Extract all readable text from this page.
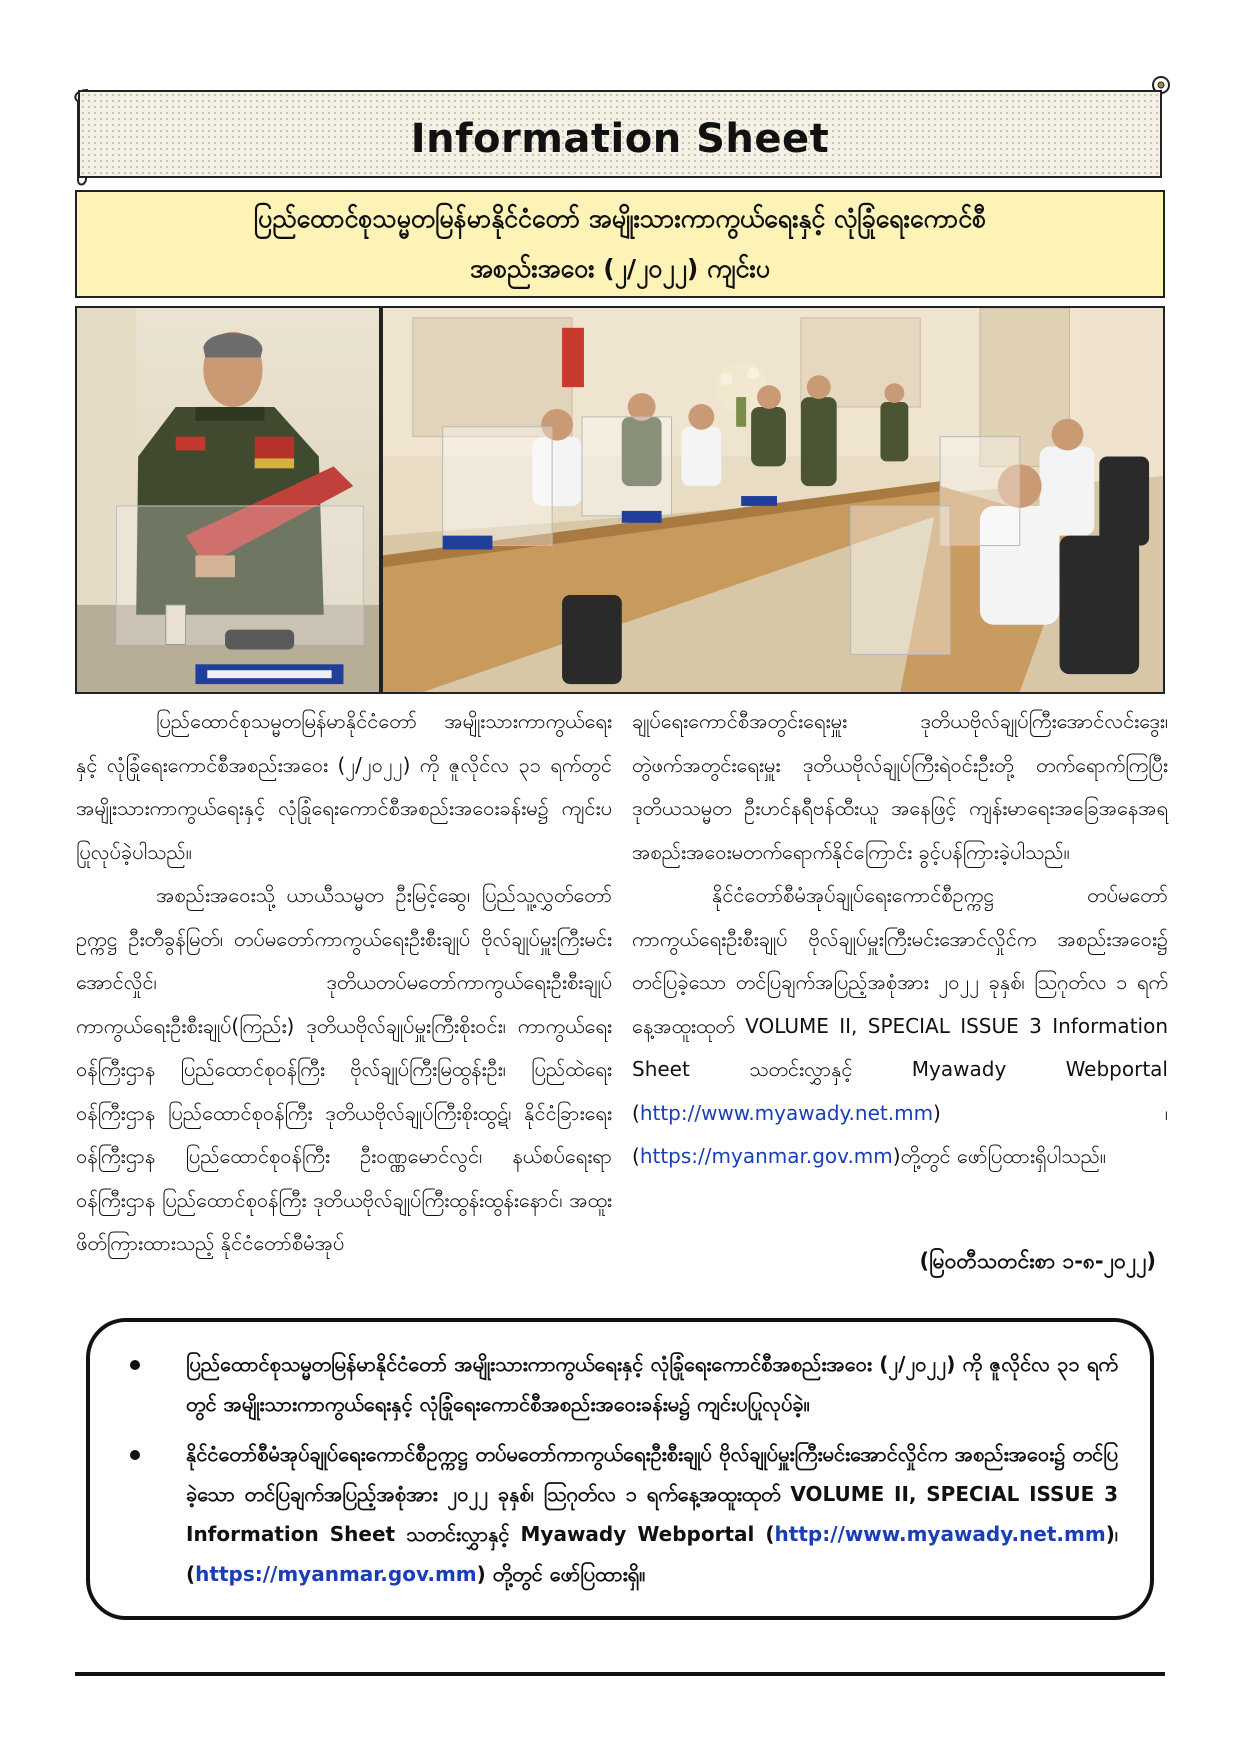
Information Sheet
ပြည်ထောင်စုသမ္မတမြန်မာနိုင်ငံတော် အမျိုးသားကာကွယ်ရေးနှင့် လုံခြုံရေးကောင်စီ
အစည်းအဝေး (၂/၂၀၂၂) ကျင်းပ

ပြည်ထောင်စုသမ္မတမြန်မာနိုင်ငံတော် အမျိုးသားကာကွယ်ရေးနှင့် လုံခြုံရေးကောင်စီအစည်းအဝေး (၂/၂၀၂၂) ကို ဇူလိုင်လ ၃၁ ရက်တွင် အမျိုးသားကာကွယ်ရေးနှင့် လုံခြုံရေးကောင်စီအစည်းအဝေးခန်းမ၌ ကျင်းပပြုလုပ်ခဲ့ပါသည်။

အစည်းအဝေးသို့ ယာယီသမ္မတ ဦးမြင့်ဆွေ၊ ပြည်သူ့လွှတ်တော်ဥက္ကဋ္ဌ ဦးတီခွန်မြတ်၊ တပ်မတော်ကာကွယ်ရေးဦးစီးချုပ် ဗိုလ်ချုပ်မှူးကြီးမင်းအောင်လှိုင်၊ ဒုတိယတပ်မတော်ကာကွယ်ရေးဦးစီးချုပ် ကာကွယ်ရေးဦးစီးချုပ်(ကြည်း) ဒုတိယဗိုလ်ချုပ်မှူးကြီးစိုးဝင်း၊ ကာကွယ်ရေးဝန်ကြီးဌာန ပြည်ထောင်စုဝန်ကြီး ဗိုလ်ချုပ်ကြီးမြထွန်းဦး၊ ပြည်ထဲရေးဝန်ကြီးဌာန ပြည်ထောင်စုဝန်ကြီး ဒုတိယဗိုလ်ချုပ်ကြီးစိုးထွဋ်၊ နိုင်ငံခြားရေးဝန်ကြီးဌာန ပြည်ထောင်စုဝန်ကြီး ဦးဝဏ္ဏမောင်လွင်၊ နယ်စပ်ရေးရာဝန်ကြီးဌာန ပြည်ထောင်စုဝန်ကြီး ဒုတိယဗိုလ်ချုပ်ကြီးထွန်းထွန်းနောင်၊ အထူးဖိတ်ကြားထားသည့် နိုင်ငံတော်စီမံအုပ်

ချုပ်ရေးကောင်စီအတွင်းရေးမှူး ဒုတိယဗိုလ်ချုပ်ကြီးအောင်လင်းဒွေး၊ တွဲဖက်အတွင်းရေးမှူး ဒုတိယဗိုလ်ချုပ်ကြီးရဲဝင်းဦးတို့ တက်ရောက်ကြပြီး ဒုတိယသမ္မတ ဦးဟင်နရီဗန်ထီးယူ အနေဖြင့် ကျန်းမာရေးအခြေအနေအရ အစည်းအဝေးမတက်ရောက်နိုင်ကြောင်း ခွင့်ပန်ကြားခဲ့ပါသည်။

နိုင်ငံတော်စီမံအုပ်ချုပ်ရေးကောင်စီဥက္ကဋ္ဌ တပ်မတော်ကာကွယ်ရေးဦးစီးချုပ် ဗိုလ်ချုပ်မှူးကြီးမင်းအောင်လှိုင်က အစည်းအဝေး၌ တင်ပြခဲ့သော တင်ပြချက်အပြည့်အစုံအား ၂၀၂၂ ခုနှစ်၊ ဩဂုတ်လ ၁ ရက်နေ့အထူးထုတ် VOLUME II, SPECIAL ISSUE 3 Information Sheet သတင်းလွှာနှင့် Myawady Webportal (http://www.myawady.net.mm) ၊ (https://myanmar.gov.mm)တို့တွင် ဖော်ပြထားရှိပါသည်။

(မြဝတီသတင်းစာ ၁-၈-၂၀၂၂)
ပြည်ထောင်စုသမ္မတမြန်မာနိုင်ငံတော် အမျိုးသားကာကွယ်ရေးနှင့် လုံခြုံရေးကောင်စီအစည်းအဝေး (၂/၂၀၂၂) ကို ဇူလိုင်လ ၃၁ ရက်တွင် အမျိုးသားကာကွယ်ရေးနှင့် လုံခြုံရေးကောင်စီအစည်းအဝေးခန်းမ၌ ကျင်းပပြုလုပ်ခဲ့။
နိုင်ငံတော်စီမံအုပ်ချုပ်ရေးကောင်စီဥက္ကဋ္ဌ တပ်မတော်ကာကွယ်ရေးဦးစီးချုပ် ဗိုလ်ချုပ်မှူးကြီးမင်းအောင်လှိုင်က အစည်းအဝေး၌ တင်ပြခဲ့သော တင်ပြချက်အပြည့်အစုံအား ၂၀၂၂ ခုနှစ်၊ ဩဂုတ်လ ၁ ရက်နေ့အထူးထုတ် VOLUME II, SPECIAL ISSUE 3 Information Sheet သတင်းလွှာနှင့် Myawady Webportal (http://www.myawady.net.mm)၊ (https://myanmar.gov.mm) တို့တွင် ဖော်ပြထားရှိ။
